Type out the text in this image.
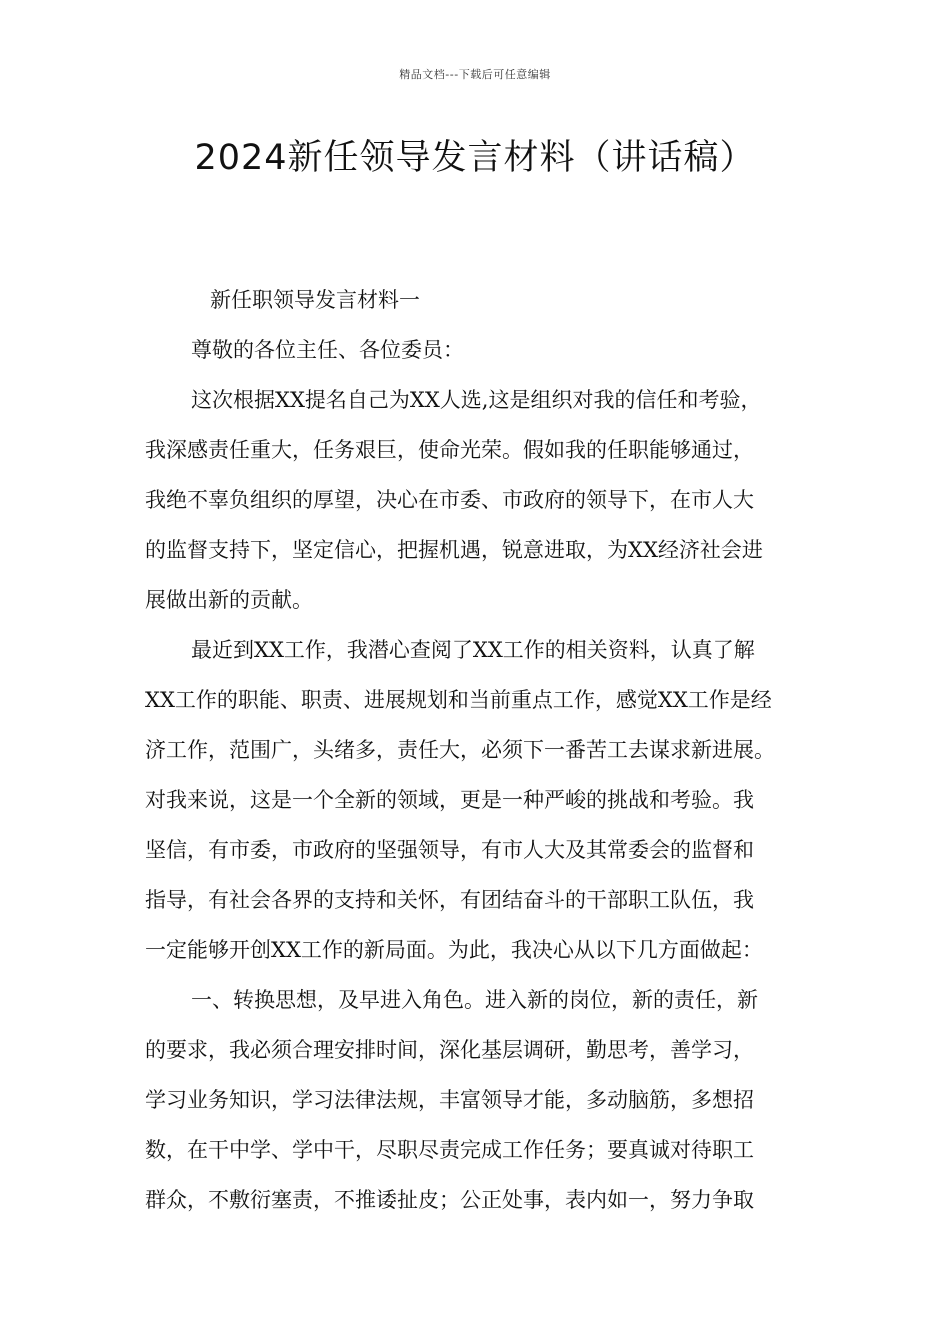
精品文档---下载后可任意编辑
2024新任领导发言材料（讲话稿）
新任职领导发言材料一
尊敬的各位主任、各位委员：
这次根据XX提名自己为XX人选,这是组织对我的信任和考验，
我深感责任重大，任务艰巨，使命光荣。假如我的任职能够通过，
我绝不辜负组织的厚望，决心在市委、市政府的领导下，在市人大
的监督支持下，坚定信心，把握机遇，锐意进取，为XX经济社会进
展做出新的贡献。
最近到XX工作，我潜心查阅了XX工作的相关资料，认真了解
XX工作的职能、职责、进展规划和当前重点工作，感觉XX工作是经
济工作，范围广，头绪多，责任大，必须下一番苦工去谋求新进展。
对我来说，这是一个全新的领域，更是一种严峻的挑战和考验。我
坚信，有市委，市政府的坚强领导，有市人大及其常委会的监督和
指导，有社会各界的支持和关怀，有团结奋斗的干部职工队伍，我
一定能够开创XX工作的新局面。为此，我决心从以下几方面做起：
一、转换思想，及早进入角色。进入新的岗位，新的责任，新
的要求，我必须合理安排时间，深化基层调研，勤思考，善学习，
学习业务知识，学习法律法规，丰富领导才能，多动脑筋，多想招
数，在干中学、学中干，尽职尽责完成工作任务；要真诚对待职工
群众，不敷衍塞责，不推诿扯皮；公正处事，表内如一，努力争取
